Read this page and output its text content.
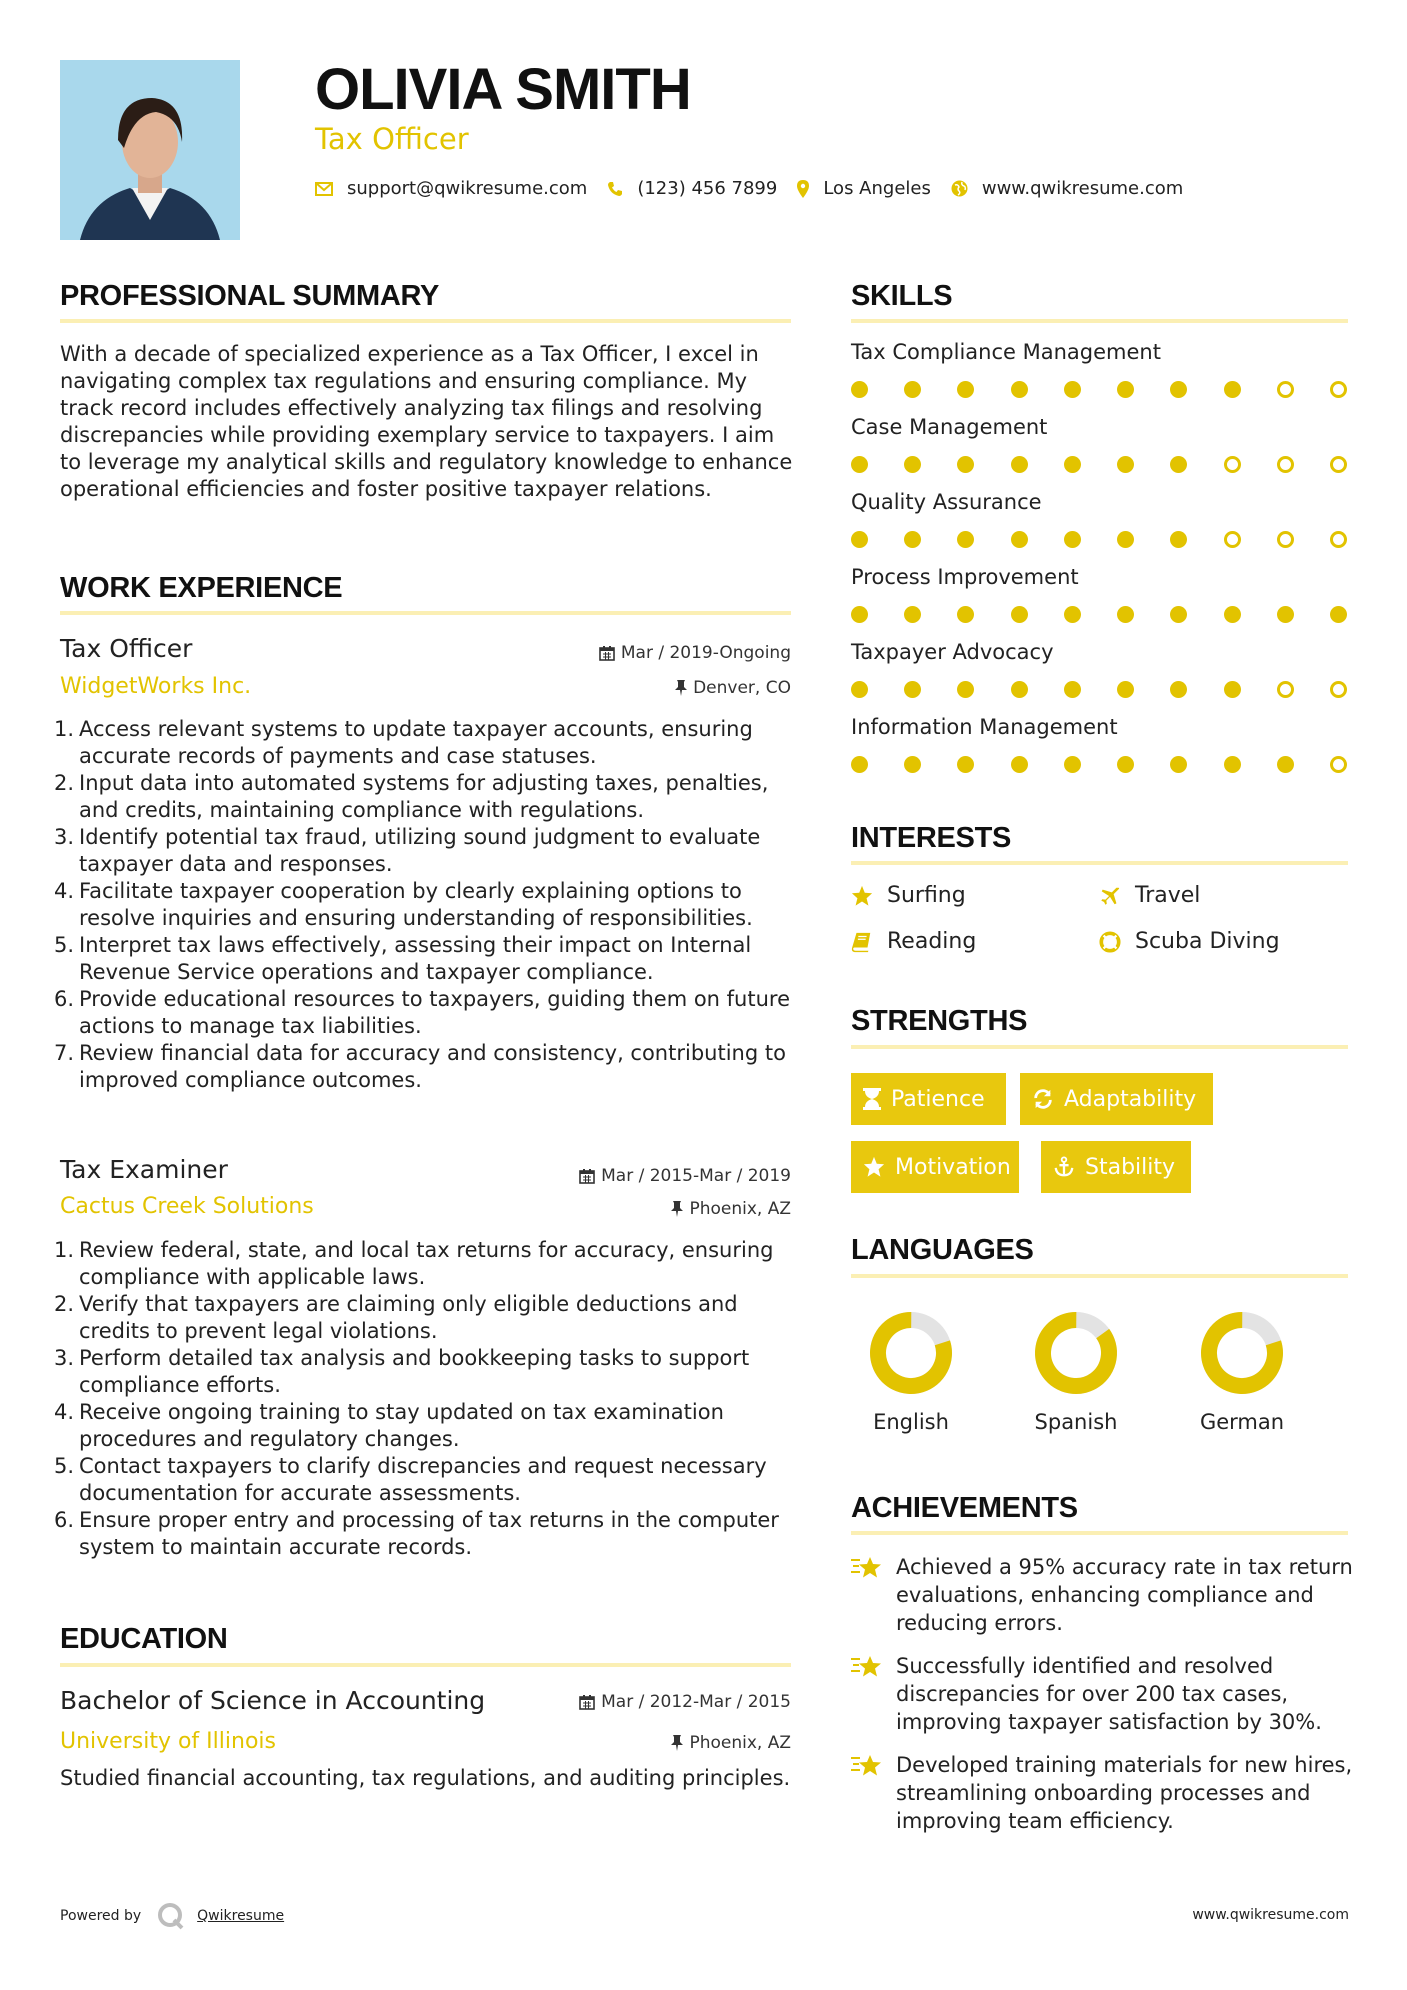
OLIVIA SMITH
Tax Officer
support@qwikresume.com	(123) 456 7899	Los Angeles	www.qwikresume.com
PROFESSIONAL SUMMARY
With a decade of specialized experience as a Tax Officer, I excel in navigating complex tax regulations and ensuring compliance. My track record includes effectively analyzing tax filings and resolving discrepancies while providing exemplary service to taxpayers. I aim to leverage my analytical skills and regulatory knowledge to enhance operational efficiencies and foster positive taxpayer relations.
WORK EXPERIENCE
Tax Officer	Mar / 2019-Ongoing
WidgetWorks Inc.	Denver, CO
1. Access relevant systems to update taxpayer accounts, ensuring accurate records of payments and case statuses.
2. Input data into automated systems for adjusting taxes, penalties, and credits, maintaining compliance with regulations.
3. Identify potential tax fraud, utilizing sound judgment to evaluate taxpayer data and responses.
4. Facilitate taxpayer cooperation by clearly explaining options to resolve inquiries and ensuring understanding of responsibilities.
5. Interpret tax laws effectively, assessing their impact on Internal Revenue Service operations and taxpayer compliance.
6. Provide educational resources to taxpayers, guiding them on future actions to manage tax liabilities.
7. Review financial data for accuracy and consistency, contributing to improved compliance outcomes.
Tax Examiner	Mar / 2015-Mar / 2019
Cactus Creek Solutions	Phoenix, AZ
1. Review federal, state, and local tax returns for accuracy, ensuring compliance with applicable laws.
2. Verify that taxpayers are claiming only eligible deductions and credits to prevent legal violations.
3. Perform detailed tax analysis and bookkeeping tasks to support compliance efforts.
4. Receive ongoing training to stay updated on tax examination procedures and regulatory changes.
5. Contact taxpayers to clarify discrepancies and request necessary documentation for accurate assessments.
6. Ensure proper entry and processing of tax returns in the computer system to maintain accurate records.
EDUCATION
Bachelor of Science in Accounting	Mar / 2012-Mar / 2015
University of Illinois	Phoenix, AZ
Studied financial accounting, tax regulations, and auditing principles.
SKILLS
Tax Compliance Management
Case Management
Quality Assurance
Process Improvement
Taxpayer Advocacy
Information Management
INTERESTS
Surfing	Travel
Reading	Scuba Diving
STRENGTHS
Patience	Adaptability
Motivation	Stability
LANGUAGES
English	Spanish	German
ACHIEVEMENTS
Achieved a 95% accuracy rate in tax return evaluations, enhancing compliance and reducing errors.
Successfully identified and resolved discrepancies for over 200 tax cases, improving taxpayer satisfaction by 30%.
Developed training materials for new hires, streamlining onboarding processes and improving team efficiency.
Powered by	Qwikresume	www.qwikresume.com
